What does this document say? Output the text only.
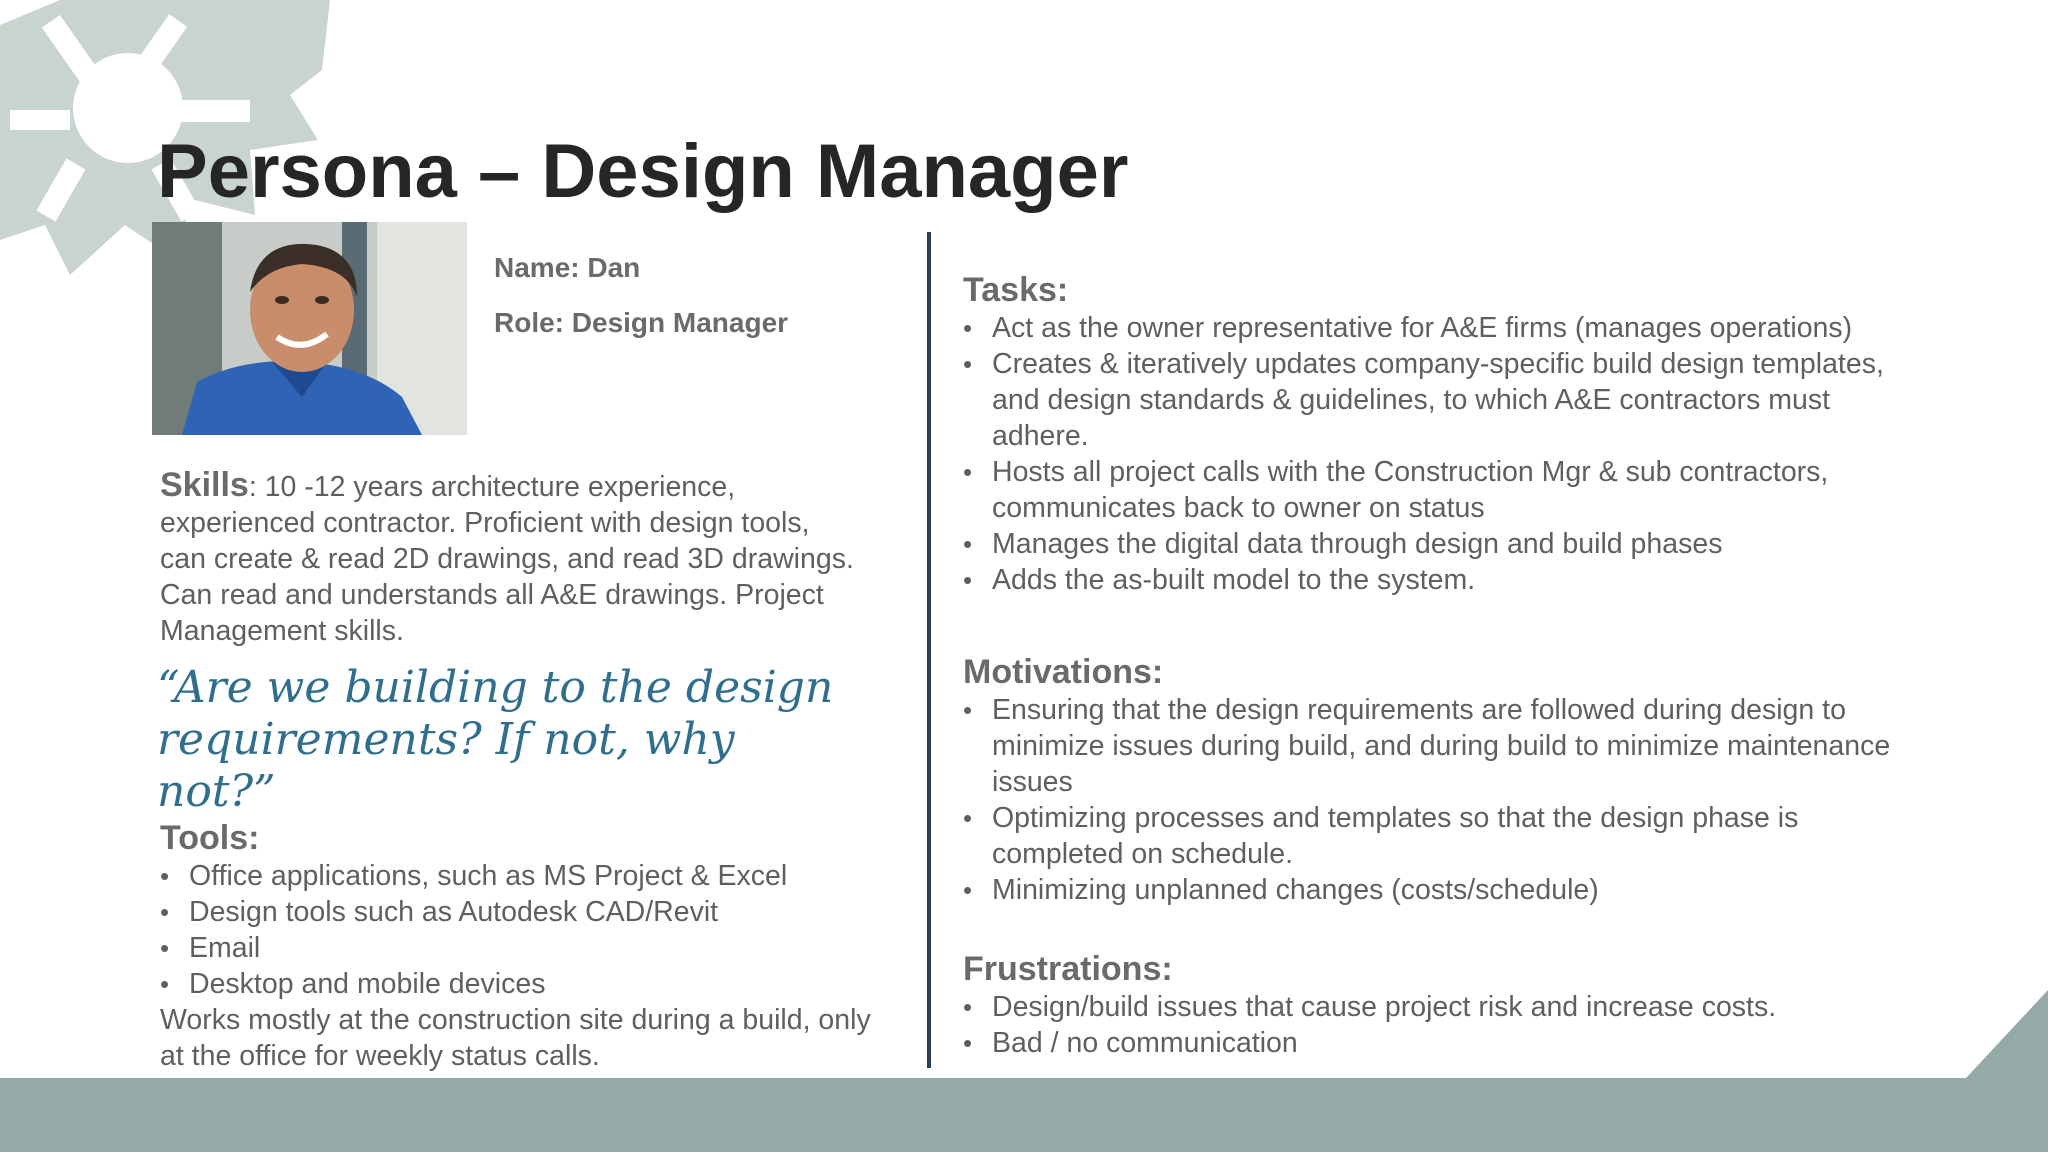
Persona – Design Manager
Name: Dan
Role: Design Manager
Skills: 10 -12 years architecture experience, experienced contractor. Proficient with design tools, can create & read 2D drawings, and read 3D drawings. Can read and understands all A&E drawings. Project Management skills.
“Are we building to the design requirements? If not, why not?”
Tools:
• Office applications, such as MS Project & Excel
• Design tools such as Autodesk CAD/Revit
• Email
• Desktop and mobile devices
Works mostly at the construction site during a build, only at the office for weekly status calls.
Tasks:
• Act as the owner representative for A&E firms (manages operations)
• Creates & iteratively updates company-specific build design templates, and design standards & guidelines, to which A&E contractors must adhere.
• Hosts all project calls with the Construction Mgr & sub contractors, communicates back to owner on status
• Manages the digital data through design and build phases
• Adds the as-built model to the system.
Motivations:
• Ensuring that the design requirements are followed during design to minimize issues during build, and during build to minimize maintenance issues
• Optimizing processes and templates so that the design phase is completed on schedule.
• Minimizing unplanned changes (costs/schedule)
Frustrations:
• Design/build issues that cause project risk and increase costs.
• Bad / no communication
